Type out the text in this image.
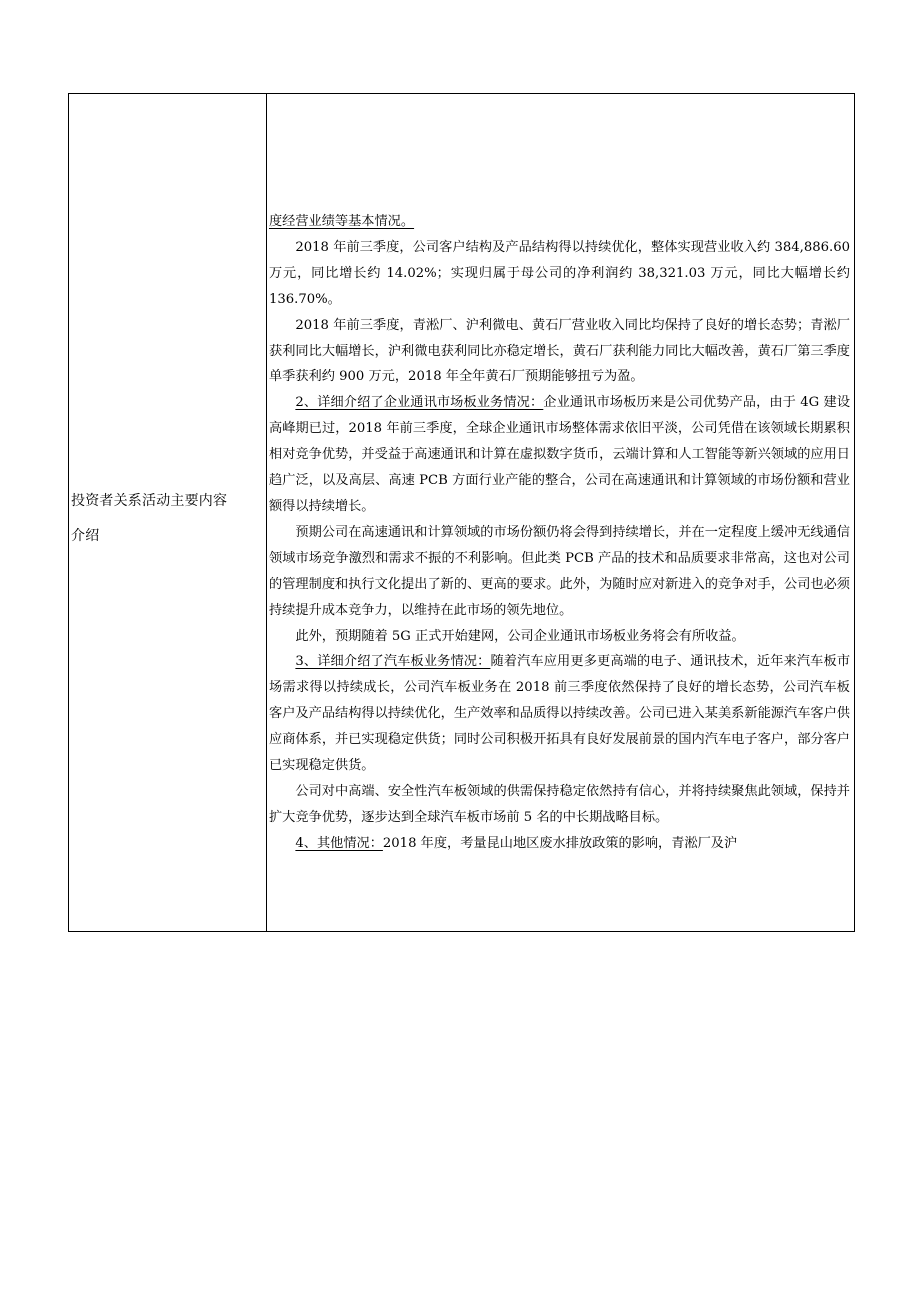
投资者关系活动主要内容
介绍

度经营业绩等基本情况。

2018 年前三季度，公司客户结构及产品结构得以持续优化，整体实现营业收入约 384,886.60 万元，同比增长约 14.02%；实现归属于母公司的净利润约 38,321.03 万元，同比大幅增长约 136.70%。

2018 年前三季度，青淞厂、沪利微电、黄石厂营业收入同比均保持了良好的增长态势；青淞厂获利同比大幅增长，沪利微电获利同比亦稳定增长，黄石厂获利能力同比大幅改善，黄石厂第三季度单季获利约 900 万元，2018 年全年黄石厂预期能够扭亏为盈。

2、详细介绍了企业通讯市场板业务情况：企业通讯市场板历来是公司优势产品，由于 4G 建设高峰期已过，2018 年前三季度，全球企业通讯市场整体需求依旧平淡，公司凭借在该领域长期累积相对竞争优势，并受益于高速通讯和计算在虚拟数字货币，云端计算和人工智能等新兴领域的应用日趋广泛，以及高层、高速 PCB 方面行业产能的整合，公司在高速通讯和计算领域的市场份额和营业额得以持续增长。

预期公司在高速通讯和计算领域的市场份额仍将会得到持续增长，并在一定程度上缓冲无线通信领域市场竞争激烈和需求不振的不利影响。但此类 PCB 产品的技术和品质要求非常高，这也对公司的管理制度和执行文化提出了新的、更高的要求。此外，为随时应对新进入的竞争对手，公司也必须持续提升成本竞争力，以维持在此市场的领先地位。

此外，预期随着 5G 正式开始建网，公司企业通讯市场板业务将会有所收益。

3、详细介绍了汽车板业务情况：随着汽车应用更多更高端的电子、通讯技术，近年来汽车板市场需求得以持续成长，公司汽车板业务在 2018 前三季度依然保持了良好的增长态势，公司汽车板客户及产品结构得以持续优化，生产效率和品质得以持续改善。公司已进入某美系新能源汽车客户供应商体系，并已实现稳定供货；同时公司积极开拓具有良好发展前景的国内汽车电子客户，部分客户已实现稳定供货。

公司对中高端、安全性汽车板领域的供需保持稳定依然持有信心，并将持续聚焦此领域，保持并扩大竞争优势，逐步达到全球汽车板市场前 5 名的中长期战略目标。

4、其他情况：2018 年度，考量昆山地区废水排放政策的影响，青淞厂及沪
